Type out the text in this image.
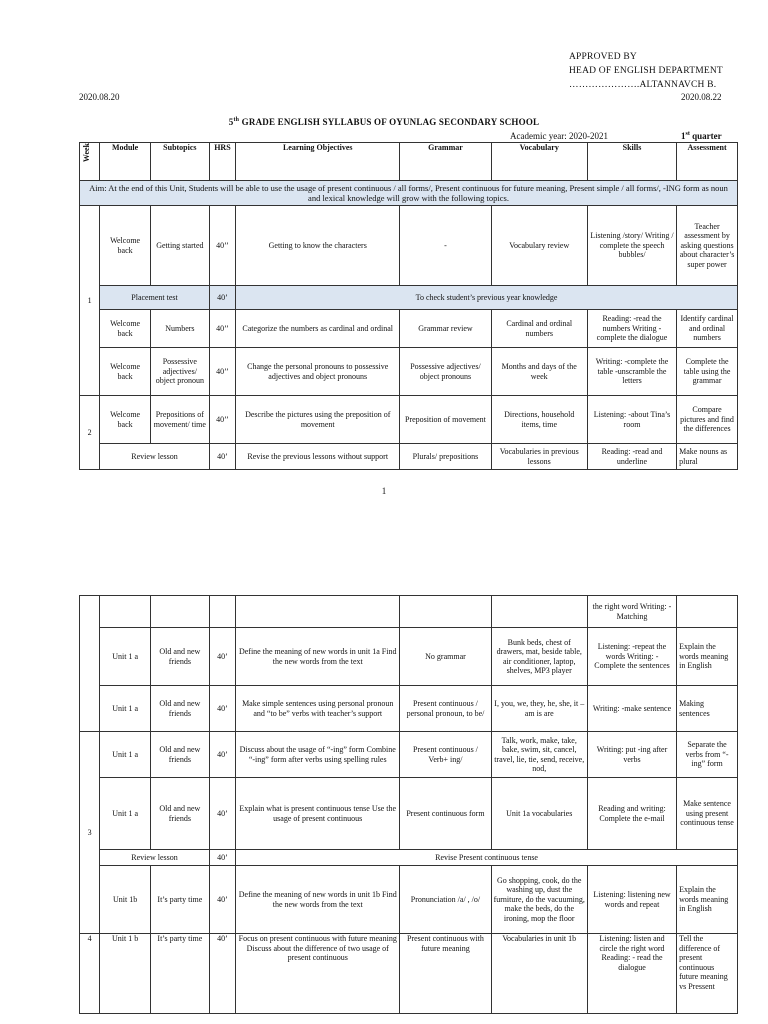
APPROVED BY
HEAD OF ENGLISH DEPARTMENT
………………….ALTANNAVCH B.
2020.08.20	2020.08.22
5th GRADE ENGLISH SYLLABUS OF OYUNLAG SECONDARY SCHOOL
Academic year: 2020-2021	1st quarter
Week	Module	Subtopics	HRS	Learning Objectives	Grammar	Vocabulary	Skills	Assessment
Aim: At the end of this Unit, Students will be able to use the usage of present continuous / all forms/, Present continuous for future meaning, Present simple / all forms/, -ING form as noun and lexical knowledge will grow with the following topics.								
1	Welcome back	Getting started	40’’	Getting to know the characters	-	Vocabulary review	Listening /story/ Writing / complete the speech bubbles/	Teacher assessment by asking questions about character’s super power
	Placement test		40’	To check student’s previous year knowledge				
	Welcome back	Numbers	40’’	Categorize the numbers as cardinal and ordinal	Grammar review	Cardinal and ordinal numbers	Reading: -read the numbers Writing -complete the dialogue	Identify cardinal and ordinal numbers
	Welcome back	Possessive adjectives/ object pronoun	40’’	Change the personal pronouns to possessive adjectives and object pronouns	Possessive adjectives/ object pronouns	Months and days of the week	Writing: -complete the table -unscramble the letters	Complete the table using the grammar
2	Welcome back	Prepositions of movement/ time	40’’	Describe the pictures using the preposition of movement	Preposition of movement	Directions, household items, time	Listening: -about Tina’s room	Compare pictures and find the differences
	Review lesson		40’	Revise the previous lessons without support	Plurals/ prepositions	Vocabularies in previous lessons	Reading: -read and underline	Make nouns as plural
1
							the right word Writing: -Matching	
	Unit 1 a	Old and new friends	40’	Define the meaning of new words in unit 1a Find the new words from the text	No grammar	Bunk beds, chest of drawers, mat, beside table, air conditioner, laptop, shelves, MP3 player	Listening: -repeat the words Writing: - Complete the sentences	Explain the words meaning in English
	Unit 1 a	Old and new friends	40’	Make simple sentences using personal pronoun and “to be” verbs with teacher’s support	Present continuous / personal pronoun, to be/	I, you, we, they, he, she, it – am is are	Writing: -make sentence	Making sentences
3	Unit 1 a	Old and new friends	40’	Discuss about the usage of “-ing” form Combine “-ing” form after verbs using spelling rules	Present continuous / Verb+ ing/	Talk, work, make, take, bake, swim, sit, cancel, travel, lie, tie, send, receive, nod,	Writing: put -ing after verbs	Separate the verbs from “-ing” form
	Unit 1 a	Old and new friends	40’	Explain what is present continuous tense Use the usage of present continuous	Present continuous form	Unit 1a vocabularies	Reading and writing: Complete the e-mail	Make sentence using present continuous tense
	Review lesson		40’	Revise Present continuous tense				
	Unit 1b	It’s party time	40’	Define the meaning of new words in unit 1b Find the new words from the text	Pronunciation /a/ , /o/	Go shopping, cook, do the washing up, dust the furniture, do the vacuuming, make the beds, do the ironing, mop the floor	Listening: listening new words and repeat	Explain the words meaning in English
4	Unit 1 b	It’s party time	40’	Focus on present continuous with future meaning Discuss about the difference of two usage of present continuous	Present continuous with future meaning	Vocabularies in unit 1b	Listening: listen and circle the right word Reading: - read the dialogue	Tell the difference of present continuous future meaning vs Pressent
